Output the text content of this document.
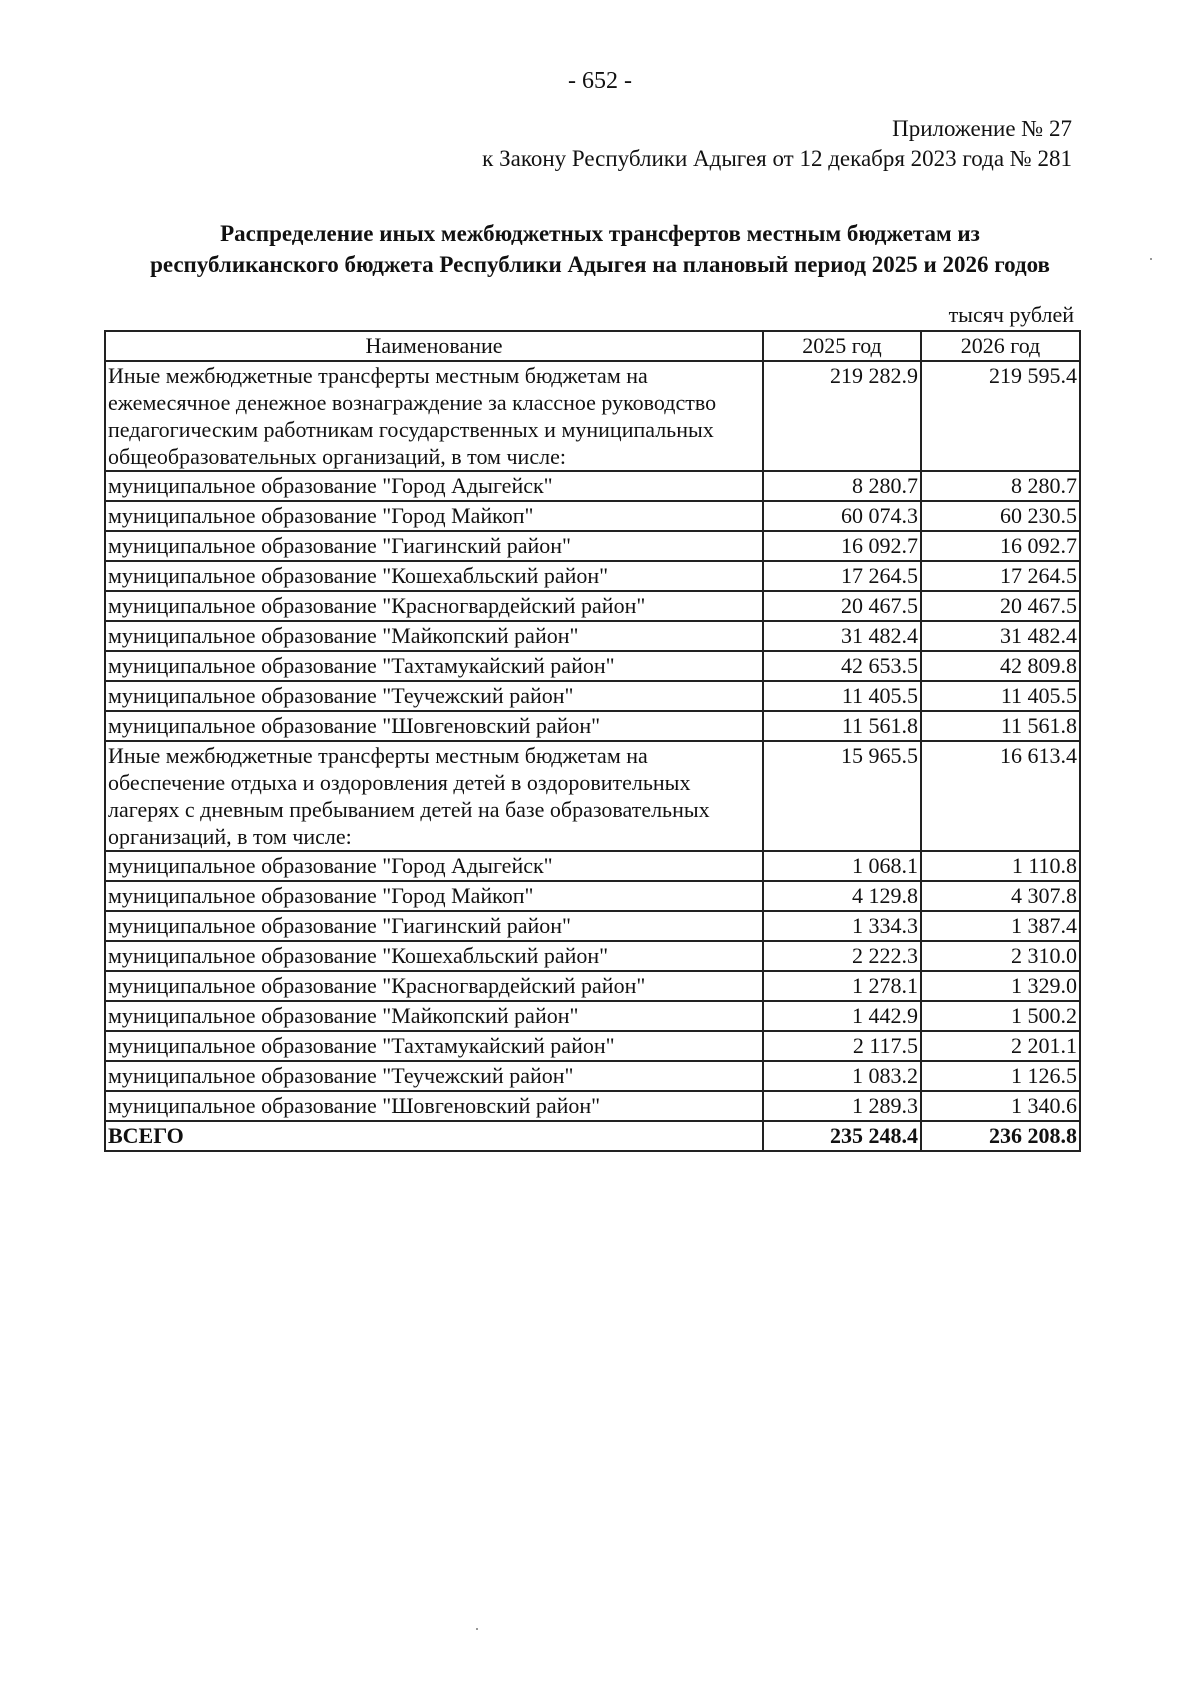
- 652 -
Приложение № 27
к Закону Республики Адыгея от 12 декабря 2023 года № 281
Распределение иных межбюджетных трансфертов местным бюджетам из
республиканского бюджета Республики Адыгея на плановый период 2025 и 2026 годов
тысяч рублей
Наименование	2025 год	2026 год
Иные межбюджетные трансферты местным бюджетам на ежемесячное денежное вознаграждение за классное руководство педагогическим работникам государственных и муниципальных общеобразовательных организаций, в том числе:	219 282.9	219 595.4
муниципальное образование "Город Адыгейск"	8 280.7	8 280.7
муниципальное образование "Город Майкоп"	60 074.3	60 230.5
муниципальное образование "Гиагинский район"	16 092.7	16 092.7
муниципальное образование "Кошехабльский район"	17 264.5	17 264.5
муниципальное образование "Красногвардейский район"	20 467.5	20 467.5
муниципальное образование "Майкопский район"	31 482.4	31 482.4
муниципальное образование "Тахтамукайский район"	42 653.5	42 809.8
муниципальное образование "Теучежский район"	11 405.5	11 405.5
муниципальное образование "Шовгеновский район"	11 561.8	11 561.8
Иные межбюджетные трансферты местным бюджетам на обеспечение отдыха и оздоровления детей в оздоровительных лагерях с дневным пребыванием детей на базе образовательных организаций, в том числе:	15 965.5	16 613.4
муниципальное образование "Город Адыгейск"	1 068.1	1 110.8
муниципальное образование "Город Майкоп"	4 129.8	4 307.8
муниципальное образование "Гиагинский район"	1 334.3	1 387.4
муниципальное образование "Кошехабльский район"	2 222.3	2 310.0
муниципальное образование "Красногвардейский район"	1 278.1	1 329.0
муниципальное образование "Майкопский район"	1 442.9	1 500.2
муниципальное образование "Тахтамукайский район"	2 117.5	2 201.1
муниципальное образование "Теучежский район"	1 083.2	1 126.5
муниципальное образование "Шовгеновский район"	1 289.3	1 340.6
ВСЕГО	235 248.4	236 208.8
